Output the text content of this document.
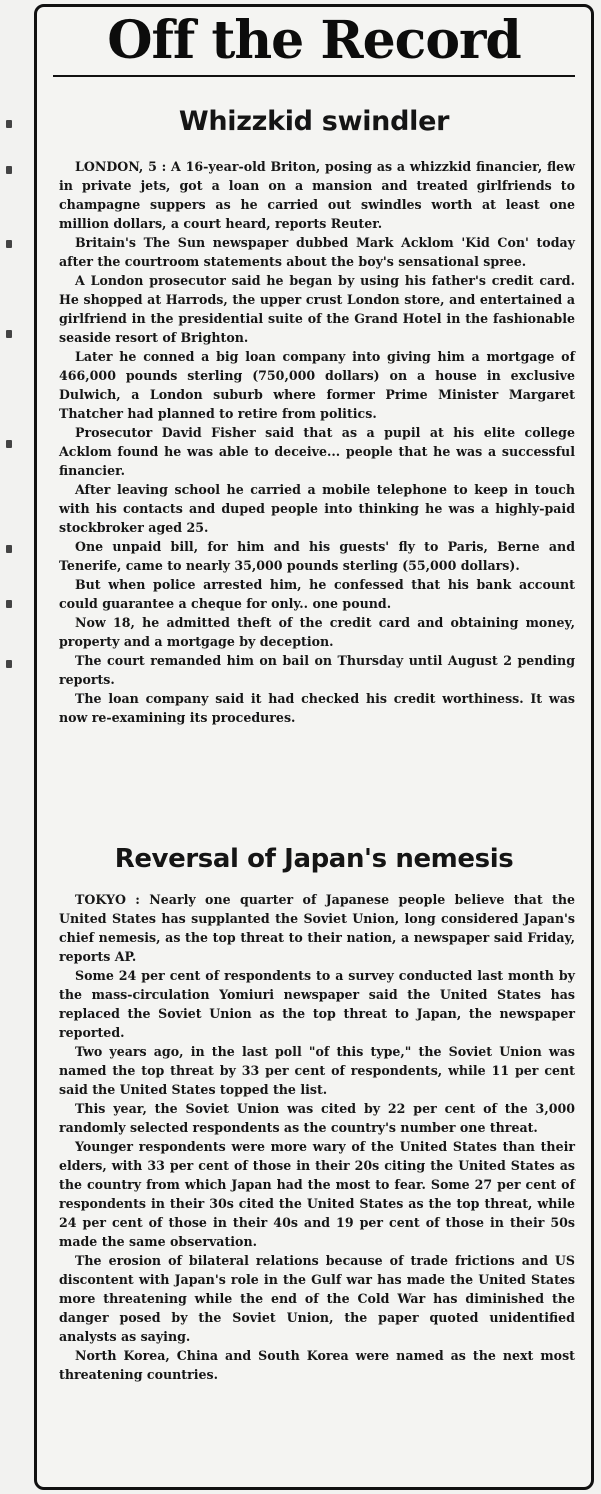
Off the Record
Whizzkid swindler

LONDON, 5 : A 16-year-old Briton, posing as a whizzkid financier, flew in private jets, got a loan on a mansion and treated girlfriends to champagne suppers as he carried out swindles worth at least one million dollars, a court heard, reports Reuter.

Britain's The Sun newspaper dubbed Mark Acklom 'Kid Con' today after the courtroom statements about the boy's sensational spree.

A London prosecutor said he began by using his father's credit card. He shopped at Harrods, the upper crust London store, and entertained a girlfriend in the presidential suite of the Grand Hotel in the fashionable seaside resort of Brighton.

Later he conned a big loan company into giving him a mortgage of 466,000 pounds sterling (750,000 dollars) on a house in exclusive Dulwich, a London suburb where former Prime Minister Margaret Thatcher had planned to retire from politics.

Prosecutor David Fisher said that as a pupil at his elite college Acklom found he was able to deceive... people that he was a successful financier.

After leaving school he carried a mobile telephone to keep in touch with his contacts and duped people into thinking he was a highly-paid stockbroker aged 25.

One unpaid bill, for him and his guests' fly to Paris, Berne and Tenerife, came to nearly 35,000 pounds sterling (55,000 dollars).

But when police arrested him, he confessed that his bank account could guarantee a cheque for only.. one pound.

Now 18, he admitted theft of the credit card and obtaining money, property and a mortgage by deception.

The court remanded him on bail on Thursday until August 2 pending reports.

The loan company said it had checked his credit worthiness. It was now re-examining its procedures.

Reversal of Japan's nemesis

TOKYO : Nearly one quarter of Japanese people believe that the United States has supplanted the Soviet Union, long considered Japan's chief nemesis, as the top threat to their nation, a newspaper said Friday, reports AP.

Some 24 per cent of respondents to a survey conducted last month by the mass-circulation Yomiuri newspaper said the United States has replaced the Soviet Union as the top threat to Japan, the newspaper reported.

Two years ago, in the last poll "of this type," the Soviet Union was named the top threat by 33 per cent of respondents, while 11 per cent said the United States topped the list.

This year, the Soviet Union was cited by 22 per cent of the 3,000 randomly selected respondents as the country's number one threat.

Younger respondents were more wary of the United States than their elders, with 33 per cent of those in their 20s citing the United States as the country from which Japan had the most to fear. Some 27 per cent of respondents in their 30s cited the United States as the top threat, while 24 per cent of those in their 40s and 19 per cent of those in their 50s made the same observation.

The erosion of bilateral relations because of trade frictions and US discontent with Japan's role in the Gulf war has made the United States more threatening while the end of the Cold War has diminished the danger posed by the Soviet Union, the paper quoted unidentified analysts as saying.

North Korea, China and South Korea were named as the next most threatening countries.
